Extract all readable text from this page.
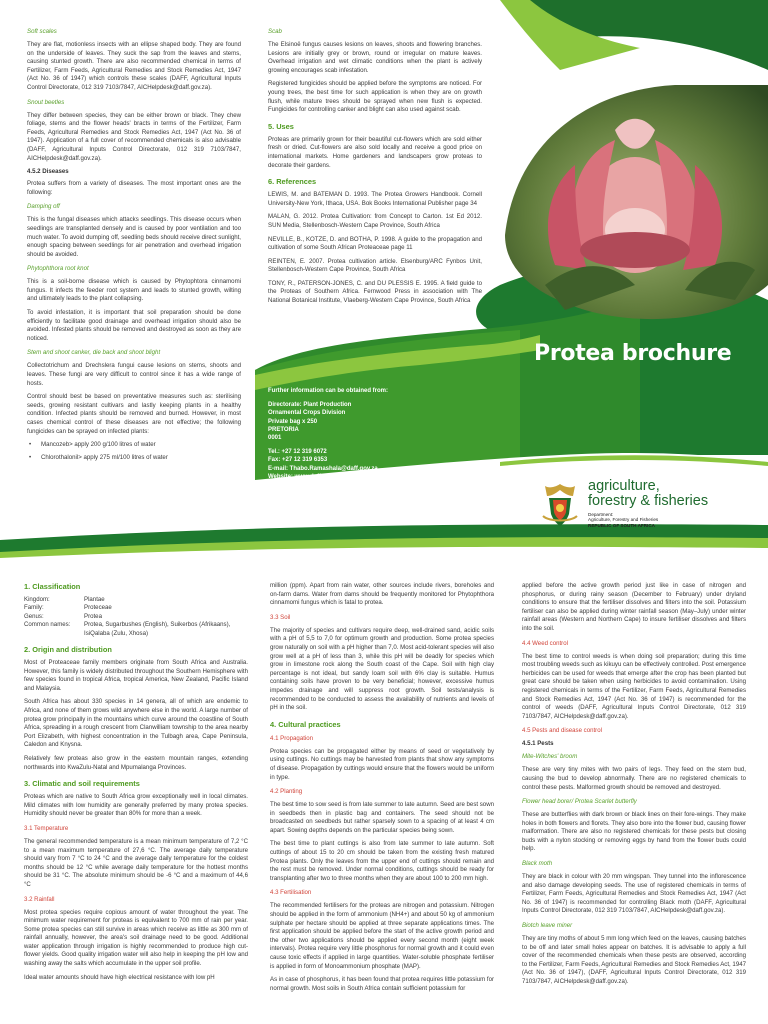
Soft scales

They are flat, motionless insects with an ellipse shaped body. They are found on the underside of leaves. They suck the sap from the leaves and stems, causing stunted growth. There are also recommended chemical in terms of Fertilizer, Farm Feeds, Agricultural Remedies and Stock Remedies Act, 1947 (Act No. 36 of 1947) which controls these scales (DAFF, Agricultural Inputs Control Directorate, 012 319 7103/7847, AICHelpdesk@daff.gov.za).

Snout beetles

They differ between species, they can be either brown or black. They chew foliage, stems and the flower heads' bracts in terms of the Fertilizer, Farm Feeds, Agricultural Remedies and Stock Remedies Act, 1947 (Act No. 36 of 1947). Application of a full cover of recommended chemicals is also advisable (DAFF, Agricultural Inputs Control Directorate, 012 319 7103/7847, AICHelpdesk@daff.gov.za).

4.5.2 Diseases

Protea suffers from a variety of diseases. The most important ones are the following:

Damping off

This is the fungal diseases which attacks seedlings. This disease occurs when seedlings are transplanted densely and is caused by poor ventilation and too much water. To avoid dumping off, seedling beds should receive direct sunlight, enough spacing between seedlings for air penetration and overhead irrigation should be avoided.

Phytophthora root knot

This is a soil-borne disease which is caused by Phytophtora cinnamomi fungus. It infects the feeder root system and leads to stunted growth, wilting and ultimately leads to the plant collapsing.

To avoid infestation, it is important that soil preparation should be done efficiently to facilitate good drainage and overhead irrigation should also be avoided. Infested plants should be removed and destroyed as soon as they are noticed.

Stem and shoot canker, die back and shoot blight

Collectotrichum and Drechslera fungui cause lesions on stems, shoots and leaves. These fungi are very difficult to control since it has a wide range of hosts.

Control should best be based on preventative measures such as: sterilising seeds, growing resistant cultivars and lastly keeping plants in a healthy condition. Infected plants should be removed and burned. However, in most cases chemical control of these diseases are not effective; the following fungicides can be sprayed on infected plants:

• Mancozeb> apply 200 g/100 litres of water
• Chlorothalonil> apply 275 ml/100 litres of water
Scab

The Elsinoë fungus causes lesions on leaves, shoots and flowering branches. Lesions are initially grey or brown, round or irregular on mature leaves. Overhead irrigation and wet climatic conditions when the plant is actively growing encourages scab infestation.

Registered fungicides should be applied before the symptoms are noticed. For young trees, the best time for such application is when they are on growth flush, while mature trees should be sprayed when new flush is expected. Fungicides for controlling canker and blight can also used against scab.

5. Uses

Proteas are primarily grown for their beautiful cut-flowers which are sold either fresh or dried. Cut-flowers are also sold locally and receive a good price on international markets. Home gardeners and landscapers grow proteas to decorate their gardens.

6. References

LEWIS, M. and BATEMAN D. 1993. The Protea Growers Handbook. Cornell University-New York, Ithaca, USA. Bok Books International Publisher page 34

MALAN, G. 2012. Protea Cultivation: from Concept to Carton. 1st Ed 2012. SUN Media, Stellenbosch-Western Cape Province, South Africa

NEVILLE, B., KOTZE, D. and BOTHA, P. 1998. A guide to the propagation and cultivation of some South African Proteaceae page 11

REINTEN, E. 2007. Protea cultivation article. Elsenburg/ARC Fynbos Unit, Stellenbosch-Western Cape Province, South Africa

TONY, R., PATERSON-JONES, C. and DU PLESSIS E. 1995. A field guide to the Proteas of Southern Africa. Fernwood Press in association with The National Botanical Institute, Vlaeberg-Western Cape Province, South Africa

Further information can be obtained from:
Directorate: Plant Production
Ornamental Crops Division
Private bag x 250
PRETORIA
0001
Tel.: +27 12 319 6072
Fax: +27 12 319 6353
E-mail: Thabo.Ramashala@daff.gov.za
Website: www.daff.gov.za
Protea brochure
agriculture,
forestry & fisheries
Department:
Agriculture, Forestry and Fisheries
REPUBLIC OF SOUTH AFRICA
1. Classification
Kingdom:	Plantae
Family:	Proteceae
Genus:	Protea
Common names:	Protea, Sugarbushes (English), Suikerbos (Afrikaans), IsiQalaba (Zulu, Xhosa)
2. Origin and distribution

Most of Proteaceae family members originate from South Africa and Australia. However, this family is widely distributed throughout the Southern Hemisphere with few species found in tropical Africa, tropical America, New Zealand, Pacific Island and Malaysia.

South Africa has about 330 species in 14 genera, all of which are endemic to Africa, and none of them grows wild anywhere else in the world. A large number of protea grow principally in the mountains which curve around the coastline of South Africa, spreading in a rough crescent from Clanwilliam township to the area nearby Port Elizabeth, with highest concentration in the Tulbagh area, Cape Peninsula, Caledon and Knysna.

Relatively few proteas also grow in the eastern mountain ranges, extending northwards into KwaZulu-Natal and Mpumalanga Provinces.

3. Climatic and soil requirements

Proteas which are native to South Africa grow exceptionally well in local climates. Mild climates with low humidity are generally preferred by many protea species. Humidity should never be greater than 80% for more than a week.

3.1 Temperature

The general recommended temperature is a mean minimum temperature of 7,2 °C to a mean maximum temperature of 27,6 °C. The average daily temperature should vary from 7 °C to 24 °C and the average daily temperature for the coldest months should be 12 °C while average daily temperature for the hottest months should be 31 °C. The absolute minimum should be -6 °C and a maximum of 44,6 °C

3.2 Rainfall

Most protea species require copious amount of water throughout the year. The minimum water requirement for proteas is equivalent to 700 mm of rain per year. Some protea species can still survive in areas which receive as little as 300 mm of rainfall annually, however, the area's soil drainage need to be good. Additional water application through irrigation is highly recommended to produce high cut-flower yields. Good quality irrigation water will also help in keeping the pH low and washing away the salts which accumulate in the upper soil profile.

Ideal water amounts should have high electrical resistance with low pH

million (ppm). Apart from rain water, other sources include rivers, boreholes and on-farm dams. Water from dams should be frequently monitored for Phytophthora cinnamomi fungus which is fatal to protea.

3.3 Soil

The majority of species and cultivars require deep, well-drained sand, acidic soils with a pH of 5,5 to 7,0 for optimum growth and production. Some protea species grow naturally on soil with a pH higher than 7,0. Most acid-tolerant species will also grow well at a pH of less than 3, while this pH will be deadly for species which grow in limestone rock along the South coast of the Cape. Soil with high clay percentage is not ideal, but sandy loam soil with 6% clay is suitable. Humus containing soils have proven to be very beneficial; however, excessive humus impedes drainage and will suppress root growth. Soil tests/analysis is recommended to be conducted to assess the availability of nutrients and levels of pH in the soil.

4. Cultural practices
4.1 Propagation

Protea species can be propagated either by means of seed or vegetatively by using cuttings. No cuttings may be harvested from plants that show any symptoms of disease. Propagation by cuttings would ensure that the flowers would be uniform in type.

4.2 Planting

The best time to sow seed is from late summer to late autumn. Seed are best sown in seedbeds then in plastic bag and containers. The seed should not be broadcasted on seedbeds but rather sparsely sown to a spacing of at least 4 cm apart. Sowing depths depends on the particular species being sown.

The best time to plant cuttings is also from late summer to late autumn. Soft cuttings of about 15 to 20 cm should be taken from the existing fresh matured Protea plants. Only the leaves from the upper end of cuttings should remain and the rest must be removed. Under normal conditions, cuttings should be ready for transplanting after two to three months when they are about 100 to 200 mm high.

4.3 Fertilisation

The recommended fertilisers for the proteas are nitrogen and potassium. Nitrogen should be applied in the form of ammonium (NH4+) and about 50 kg of ammonium sulphate per hectare should be applied at three separate applications times. The first application should be applied before the start of the active growth period and the other two applications should be applied every second month (eight week intervals). Protea require very little phosphorus for normal growth and it could even cause toxic effects if applied in large quantities. Water-soluble phosphate fertiliser is applied in form of Monoammonium phosphate (MAP).

As in case of phosphorus, it has been found that protea requires little potassium for normal growth. Most soils in South Africa contain sufficient potassium for

applied before the active growth period just like in case of nitrogen and phosphorus, or during rainy season (December to February) under dryland conditions to ensure that the fertiliser dissolves and filters into the soil. Potassium fertiliser can also be applied during winter rainfall season (May–July) under winter rainfall areas (Western and Northern Cape) to insure fertiliser dissolves and filters into the soil.

4.4 Weed control

The best time to control weeds is when doing soil preparation; during this time most troubling weeds such as kikuyu can be effectively controlled. Post emergence herbicides can be used for weeds that emerge after the crop has been planted but great care should be taken when using herbicides to avoid contamination. Using registered chemicals in terms of the Fertilizer, Farm Feeds, Agricultural Remedies and Stock Remedies Act, 1947 (Act No. 36 of 1947) is recommended for the control of weeds (DAFF, Agricultural Inputs Control Directorate, 012 319 7103/7847, AICHelpdesk@daff.gov.za).

4.5 Pests and disease control
4.5.1 Pests
Mite-Witches' broom

These are very tiny mites with two pairs of legs. They feed on the stem bud, causing the bud to develop abnormally. There are no registered chemicals to control these pests. Malformed growth should be removed and destroyed.

Flower head borer/ Protea Scarlet butterfly

These are butterflies with dark brown or black lines on their fore-wings. They make holes in both flowers and florets. They also bore into the flower bud, causing flower malformation. There are also no registered chemicals for these pests but closing buds with a nylon stocking or removing eggs by hand from the flower buds could help.

Black moth

They are black in colour with 20 mm wingspan. They tunnel into the inflorescence and also damage developing seeds. The use of registered chemicals in terms of Fertilizer, Farm Feeds, Agricultural Remedies and Stock Remedies Act, 1947 (Act No. 36 of 1947) is recommended for controlling Black moth (DAFF, Agricultural Inputs Control Directorate, 012 319 7103/7847, AICHelpdesk@daff.gov.za).

Biotch leave miner

They are tiny moths of about 5 mm long which feed on the leaves, causing batches to be off and later small holes appear on batches. It is advisable to apply a full cover of the recommended chemicals when these pests are observed, according to the Fertilizer, Farm Feeds, Agricultural Remedies and Stock Remedies Act, 1947 (Act No. 36 of 1947), (DAFF, Agricultural Inputs Control Directorate, 012 319 7103/7847, AICHelpdesk@daff.gov.za).
